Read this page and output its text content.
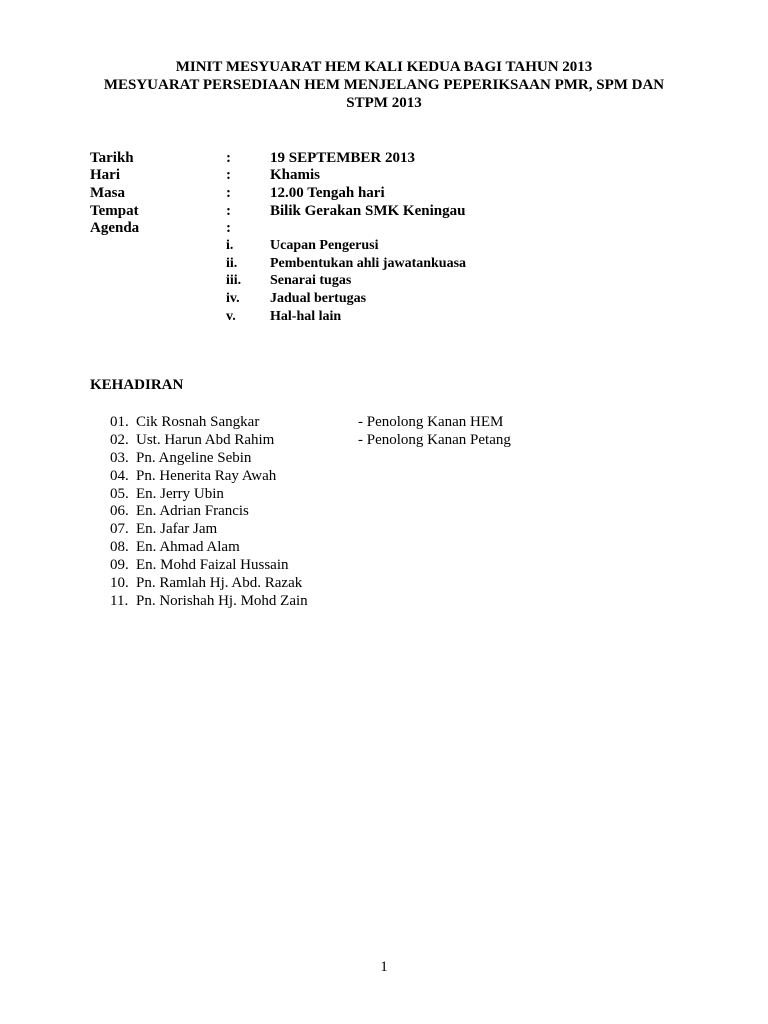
MINIT MESYUARAT HEM KALI KEDUA BAGI TAHUN 2013
MESYUARAT PERSEDIAAN HEM MENJELANG PEPERIKSAAN PMR, SPM DAN
STPM 2013
Tarikh	:	19 SEPTEMBER 2013
Hari	:	Khamis
Masa	:	12.00 Tengah hari
Tempat	:	Bilik Gerakan SMK Keningau
Agenda	:
i.	Ucapan Pengerusi
ii. Pembentukan ahli jawatankuasa
iii. Senarai tugas
iv. Jadual bertugas
v. Hal-hal lain
KEHADIRAN
01. Cik Rosnah Sangkar	- Penolong Kanan HEM
02. Ust. Harun Abd Rahim	- Penolong Kanan Petang
03. Pn. Angeline Sebin
04. Pn. Henerita Ray Awah
05. En. Jerry Ubin
06. En. Adrian Francis
07. En. Jafar Jam
08. En. Ahmad Alam
09. En. Mohd Faizal Hussain
10. Pn. Ramlah Hj. Abd. Razak
11. Pn. Norishah Hj. Mohd Zain
1
